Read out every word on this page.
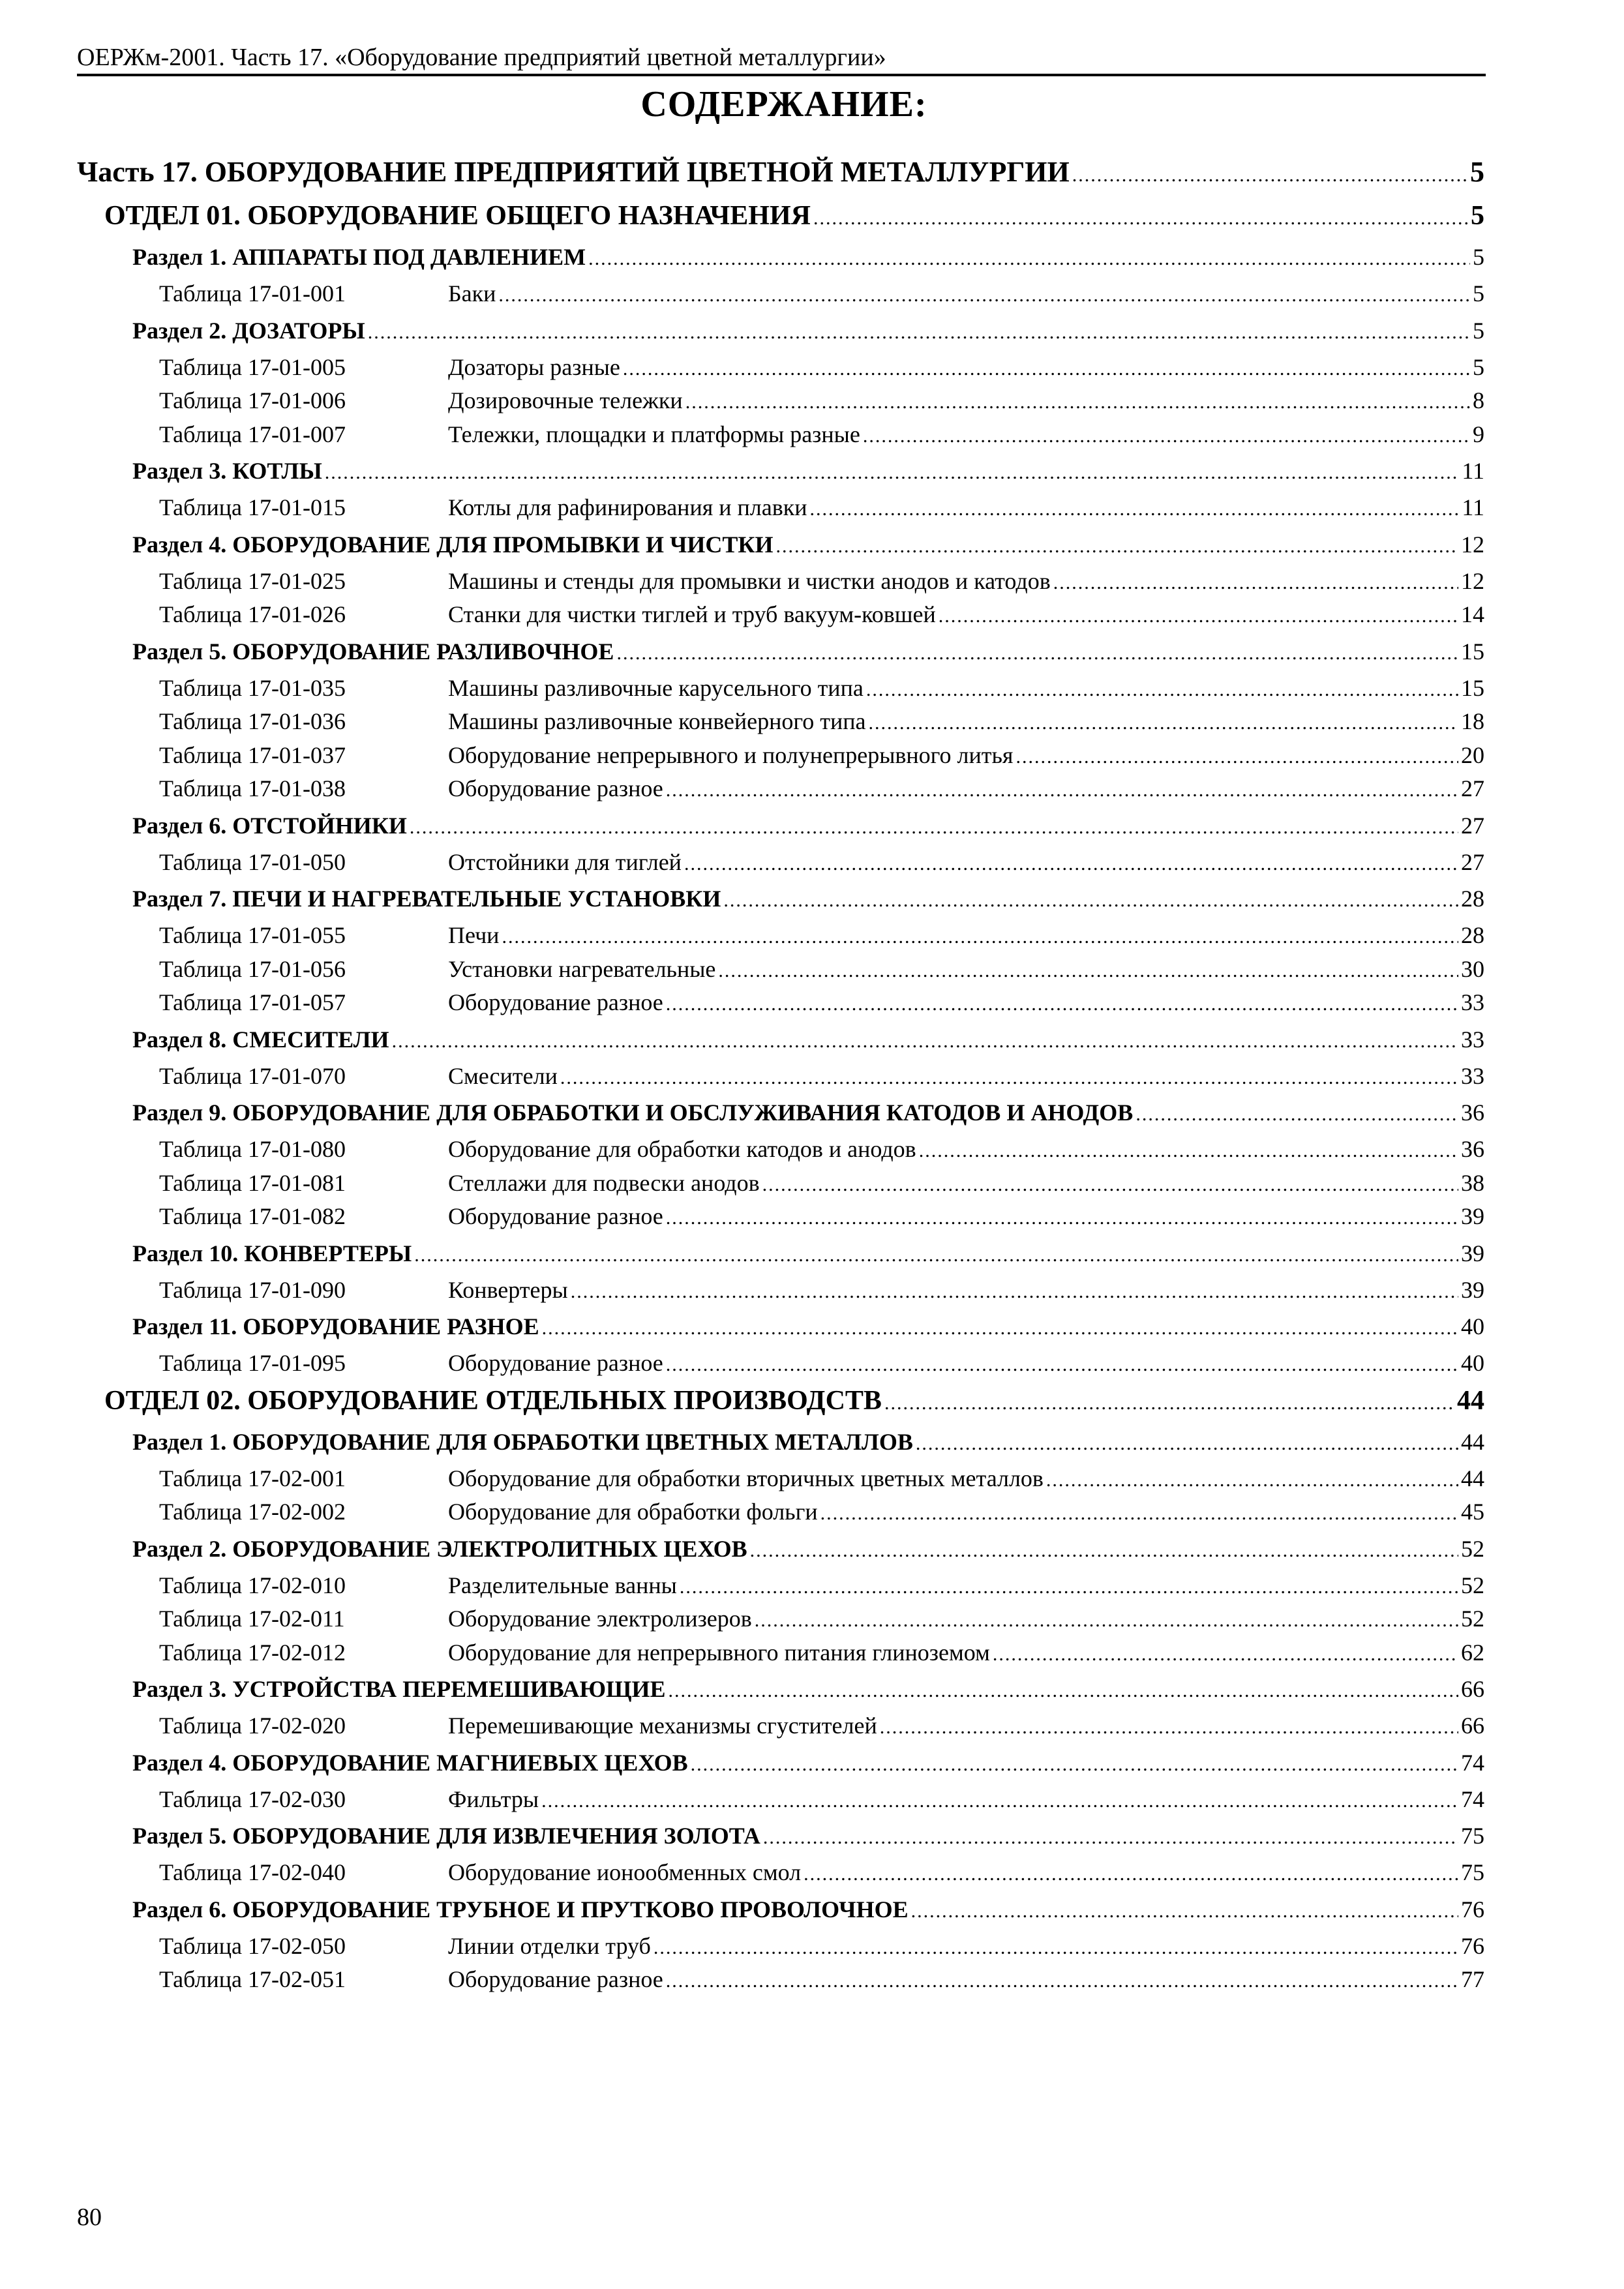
ОЕРЖм-2001. Часть 17. «Оборудование предприятий цветной металлургии»
СОДЕРЖАНИЕ:
Часть 17. ОБОРУДОВАНИЕ ПРЕДПРИЯТИЙ ЦВЕТНОЙ МЕТАЛЛУРГИИ .....	5
ОТДЕЛ 01. ОБОРУДОВАНИЕ ОБЩЕГО НАЗНАЧЕНИЯ .....	5
Раздел 1. АППАРАТЫ ПОД ДАВЛЕНИЕМ .....	5
Таблица 17-01-001	Баки .....	5
Раздел 2. ДОЗАТОРЫ .....	5
Таблица 17-01-005	Дозаторы разные .....	5
Таблица 17-01-006	Дозировочные тележки .....	8
Таблица 17-01-007	Тележки, площадки и платформы разные .....	9
Раздел 3. КОТЛЫ .....	11
Таблица 17-01-015	Котлы для рафинирования и плавки .....	11
Раздел 4. ОБОРУДОВАНИЕ ДЛЯ ПРОМЫВКИ И ЧИСТКИ .....	12
Таблица 17-01-025	Машины и стенды для промывки и чистки анодов и катодов .....	12
Таблица 17-01-026	Станки для чистки тиглей и труб вакуум-ковшей .....	14
Раздел 5. ОБОРУДОВАНИЕ РАЗЛИВОЧНОЕ .....	15
Таблица 17-01-035	Машины разливочные карусельного типа .....	15
Таблица 17-01-036	Машины разливочные конвейерного типа .....	18
Таблица 17-01-037	Оборудование непрерывного и полунепрерывного литья .....	20
Таблица 17-01-038	Оборудование разное .....	27
Раздел 6. ОТСТОЙНИКИ .....	27
Таблица 17-01-050	Отстойники для тиглей .....	27
Раздел 7. ПЕЧИ И НАГРЕВАТЕЛЬНЫЕ УСТАНОВКИ .....	28
Таблица 17-01-055	Печи .....	28
Таблица 17-01-056	Установки нагревательные .....	30
Таблица 17-01-057	Оборудование разное .....	33
Раздел 8. СМЕСИТЕЛИ .....	33
Таблица 17-01-070	Смесители .....	33
Раздел 9. ОБОРУДОВАНИЕ ДЛЯ ОБРАБОТКИ И ОБСЛУЖИВАНИЯ КАТОДОВ И АНОДОВ .....	36
Таблица 17-01-080	Оборудование для обработки катодов и анодов .....	36
Таблица 17-01-081	Стеллажи для подвески анодов .....	38
Таблица 17-01-082	Оборудование разное .....	39
Раздел 10. КОНВЕРТЕРЫ .....	39
Таблица 17-01-090	Конвертеры .....	39
Раздел 11. ОБОРУДОВАНИЕ РАЗНОЕ .....	40
Таблица 17-01-095	Оборудование разное .....	40
ОТДЕЛ 02. ОБОРУДОВАНИЕ ОТДЕЛЬНЫХ ПРОИЗВОДСТВ .....	44
Раздел 1. ОБОРУДОВАНИЕ ДЛЯ ОБРАБОТКИ ЦВЕТНЫХ МЕТАЛЛОВ .....	44
Таблица 17-02-001	Оборудование для обработки вторичных цветных металлов .....	44
Таблица 17-02-002	Оборудование для обработки фольги .....	45
Раздел 2. ОБОРУДОВАНИЕ ЭЛЕКТРОЛИТНЫХ ЦЕХОВ .....	52
Таблица 17-02-010	Разделительные ванны .....	52
Таблица 17-02-011	Оборудование электролизеров .....	52
Таблица 17-02-012	Оборудование для непрерывного питания глиноземом .....	62
Раздел 3. УСТРОЙСТВА ПЕРЕМЕШИВАЮЩИЕ .....	66
Таблица 17-02-020	Перемешивающие механизмы сгустителей .....	66
Раздел 4. ОБОРУДОВАНИЕ МАГНИЕВЫХ ЦЕХОВ .....	74
Таблица 17-02-030	Фильтры .....	74
Раздел 5. ОБОРУДОВАНИЕ ДЛЯ ИЗВЛЕЧЕНИЯ ЗОЛОТА .....	75
Таблица 17-02-040	Оборудование ионообменных смол .....	75
Раздел 6. ОБОРУДОВАНИЕ ТРУБНОЕ И ПРУТКОВО ПРОВОЛОЧНОЕ .....	76
Таблица 17-02-050	Линии отделки труб .....	76
Таблица 17-02-051	Оборудование разное .....	77
80
